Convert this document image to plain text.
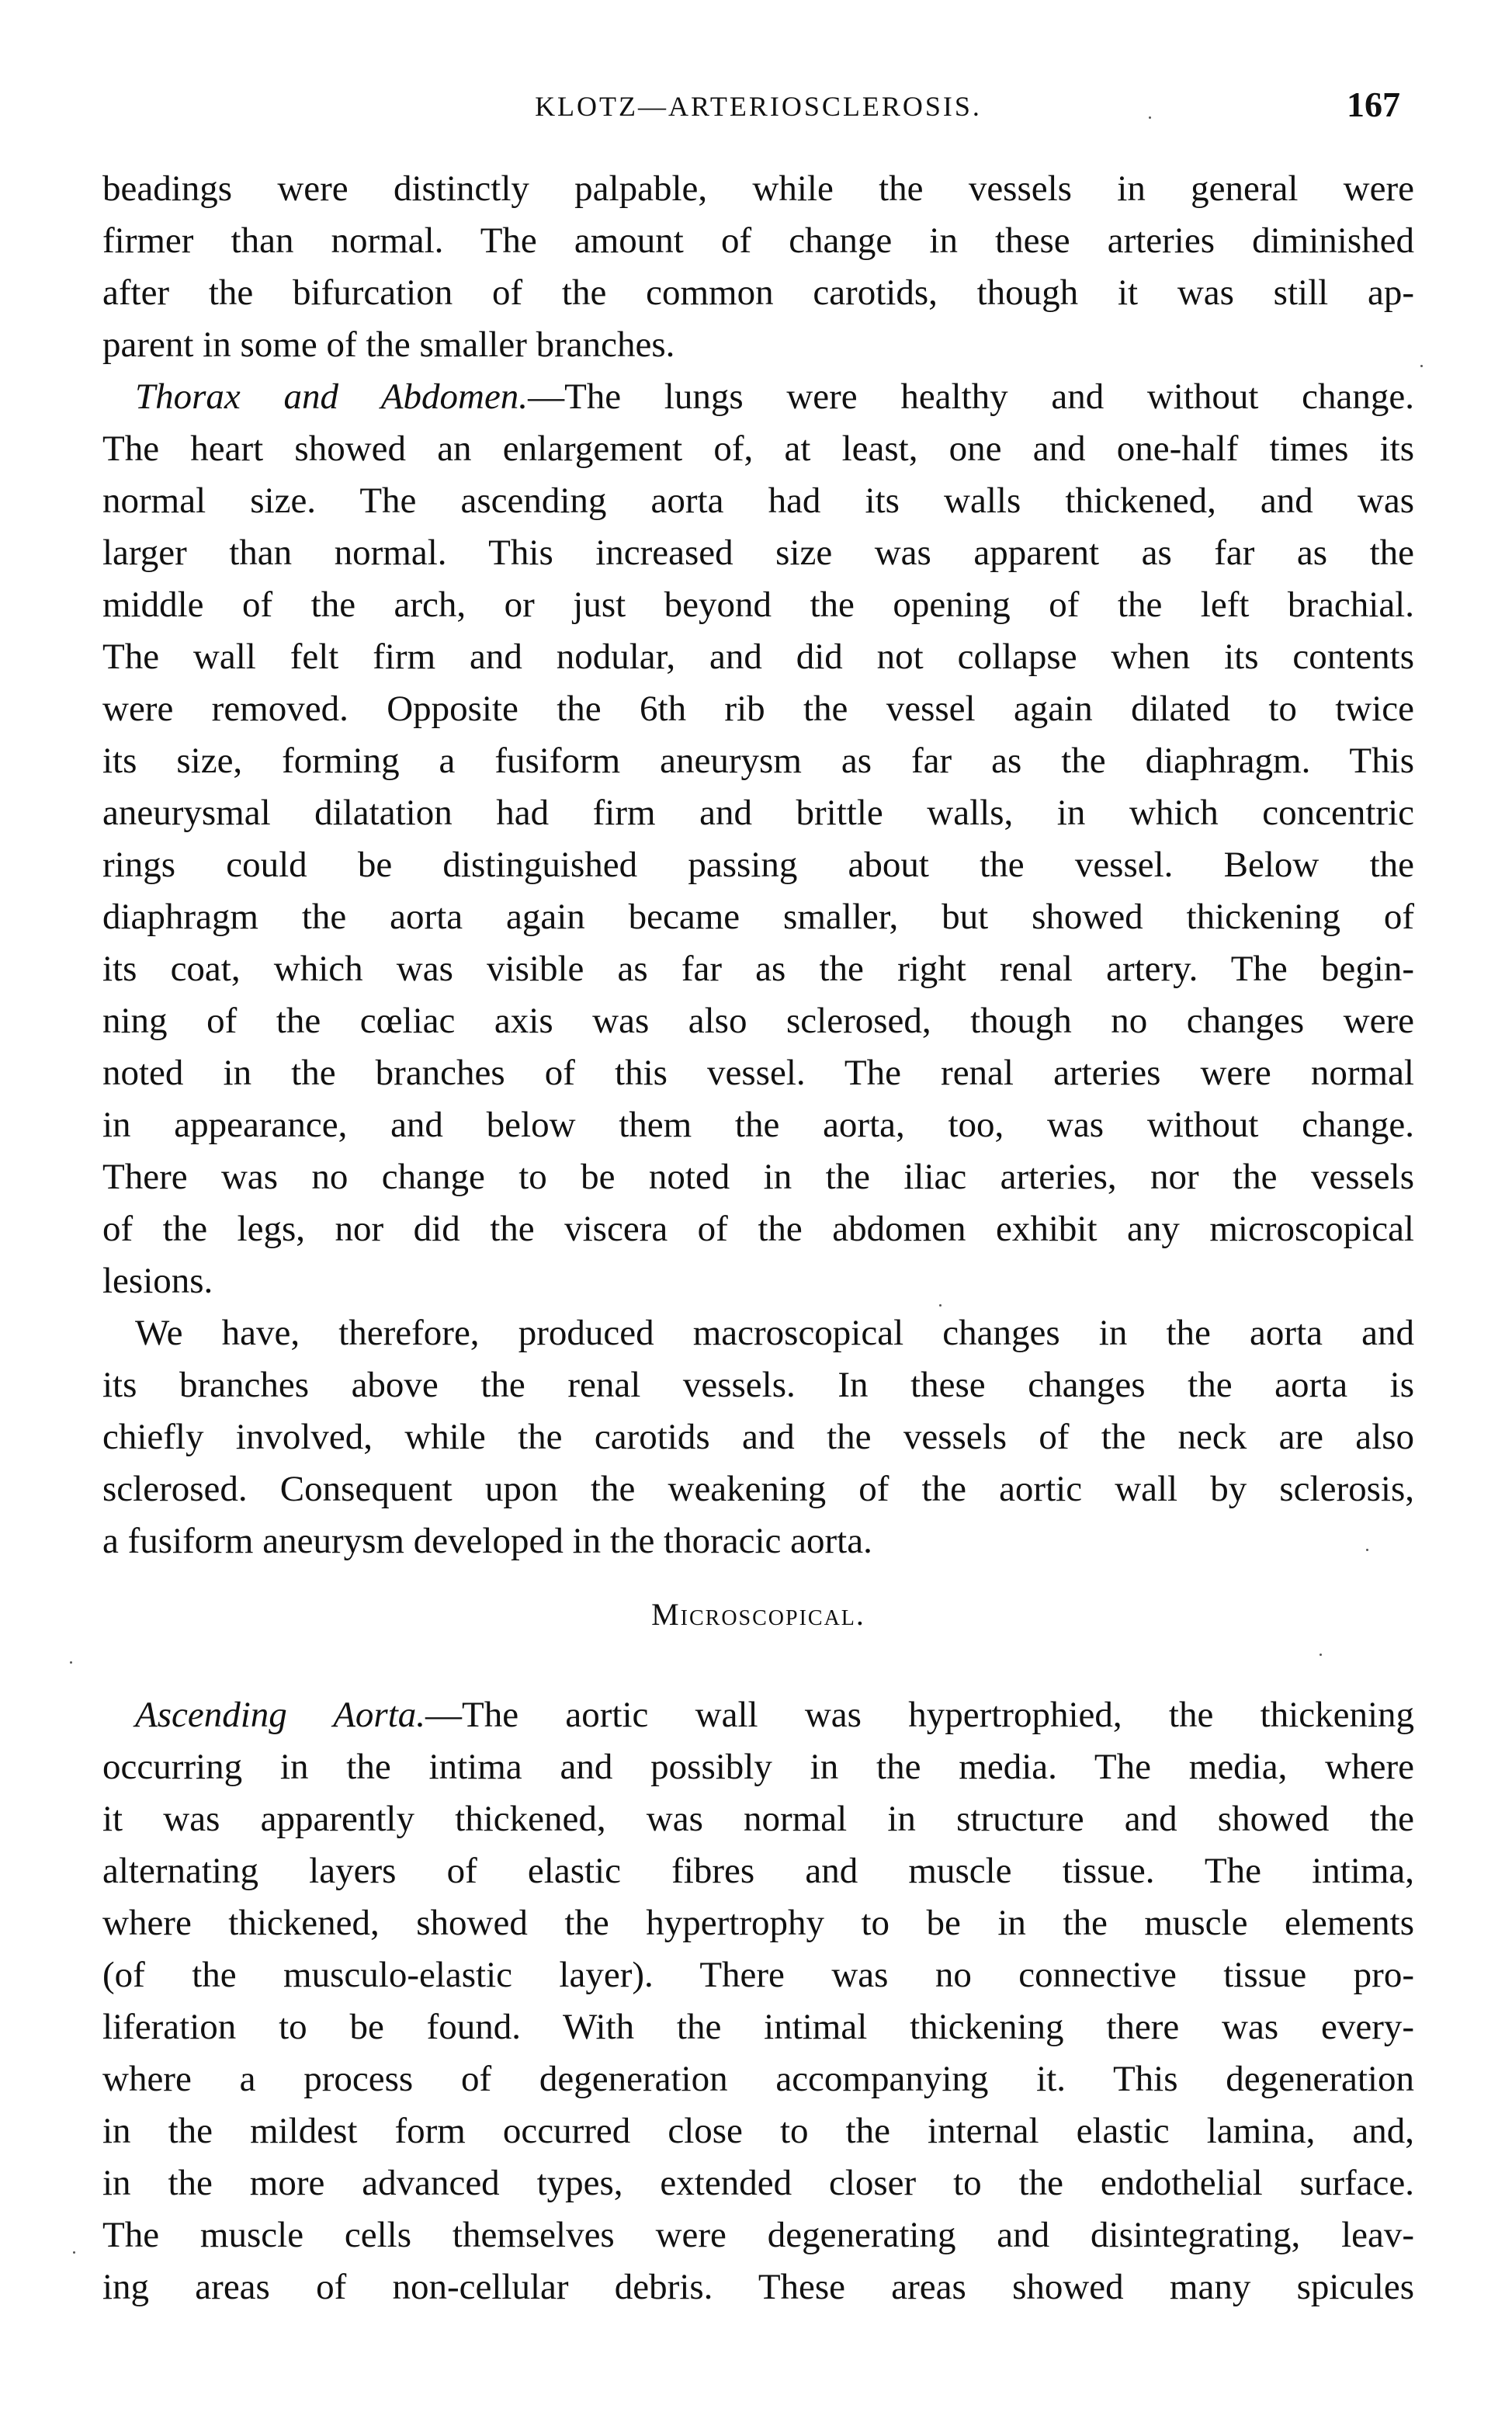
KLOTZ—ARTERIOSCLEROSIS.	167
beadings were distinctly palpable, while the vessels in general were
firmer than normal. The amount of change in these arteries diminished
after the bifurcation of the common carotids, though it was still ap-
parent in some of the smaller branches.
Thorax and Abdomen.—The lungs were healthy and without change.
The heart showed an enlargement of, at least, one and one-half times its
normal size. The ascending aorta had its walls thickened, and was
larger than normal. This increased size was apparent as far as the
middle of the arch, or just beyond the opening of the left brachial.
The wall felt firm and nodular, and did not collapse when its contents
were removed. Opposite the 6th rib the vessel again dilated to twice
its size, forming a fusiform aneurysm as far as the diaphragm. This
aneurysmal dilatation had firm and brittle walls, in which concentric
rings could be distinguished passing about the vessel. Below the
diaphragm the aorta again became smaller, but showed thickening of
its coat, which was visible as far as the right renal artery. The begin-
ning of the cœliac axis was also sclerosed, though no changes were
noted in the branches of this vessel. The renal arteries were normal
in appearance, and below them the aorta, too, was without change.
There was no change to be noted in the iliac arteries, nor the vessels
of the legs, nor did the viscera of the abdomen exhibit any microscopical
lesions.
We have, therefore, produced macroscopical changes in the aorta and
its branches above the renal vessels. In these changes the aorta is
chiefly involved, while the carotids and the vessels of the neck are also
sclerosed. Consequent upon the weakening of the aortic wall by sclerosis,
a fusiform aneurysm developed in the thoracic aorta.
Microscopical.
Ascending Aorta.—The aortic wall was hypertrophied, the thickening
occurring in the intima and possibly in the media. The media, where
it was apparently thickened, was normal in structure and showed the
alternating layers of elastic fibres and muscle tissue. The intima,
where thickened, showed the hypertrophy to be in the muscle elements
(of the musculo-elastic layer). There was no connective tissue pro-
liferation to be found. With the intimal thickening there was every-
where a process of degeneration accompanying it. This degeneration
in the mildest form occurred close to the internal elastic lamina, and,
in the more advanced types, extended closer to the endothelial surface.
The muscle cells themselves were degenerating and disintegrating, leav-
ing areas of non-cellular debris. These areas showed many spicules
